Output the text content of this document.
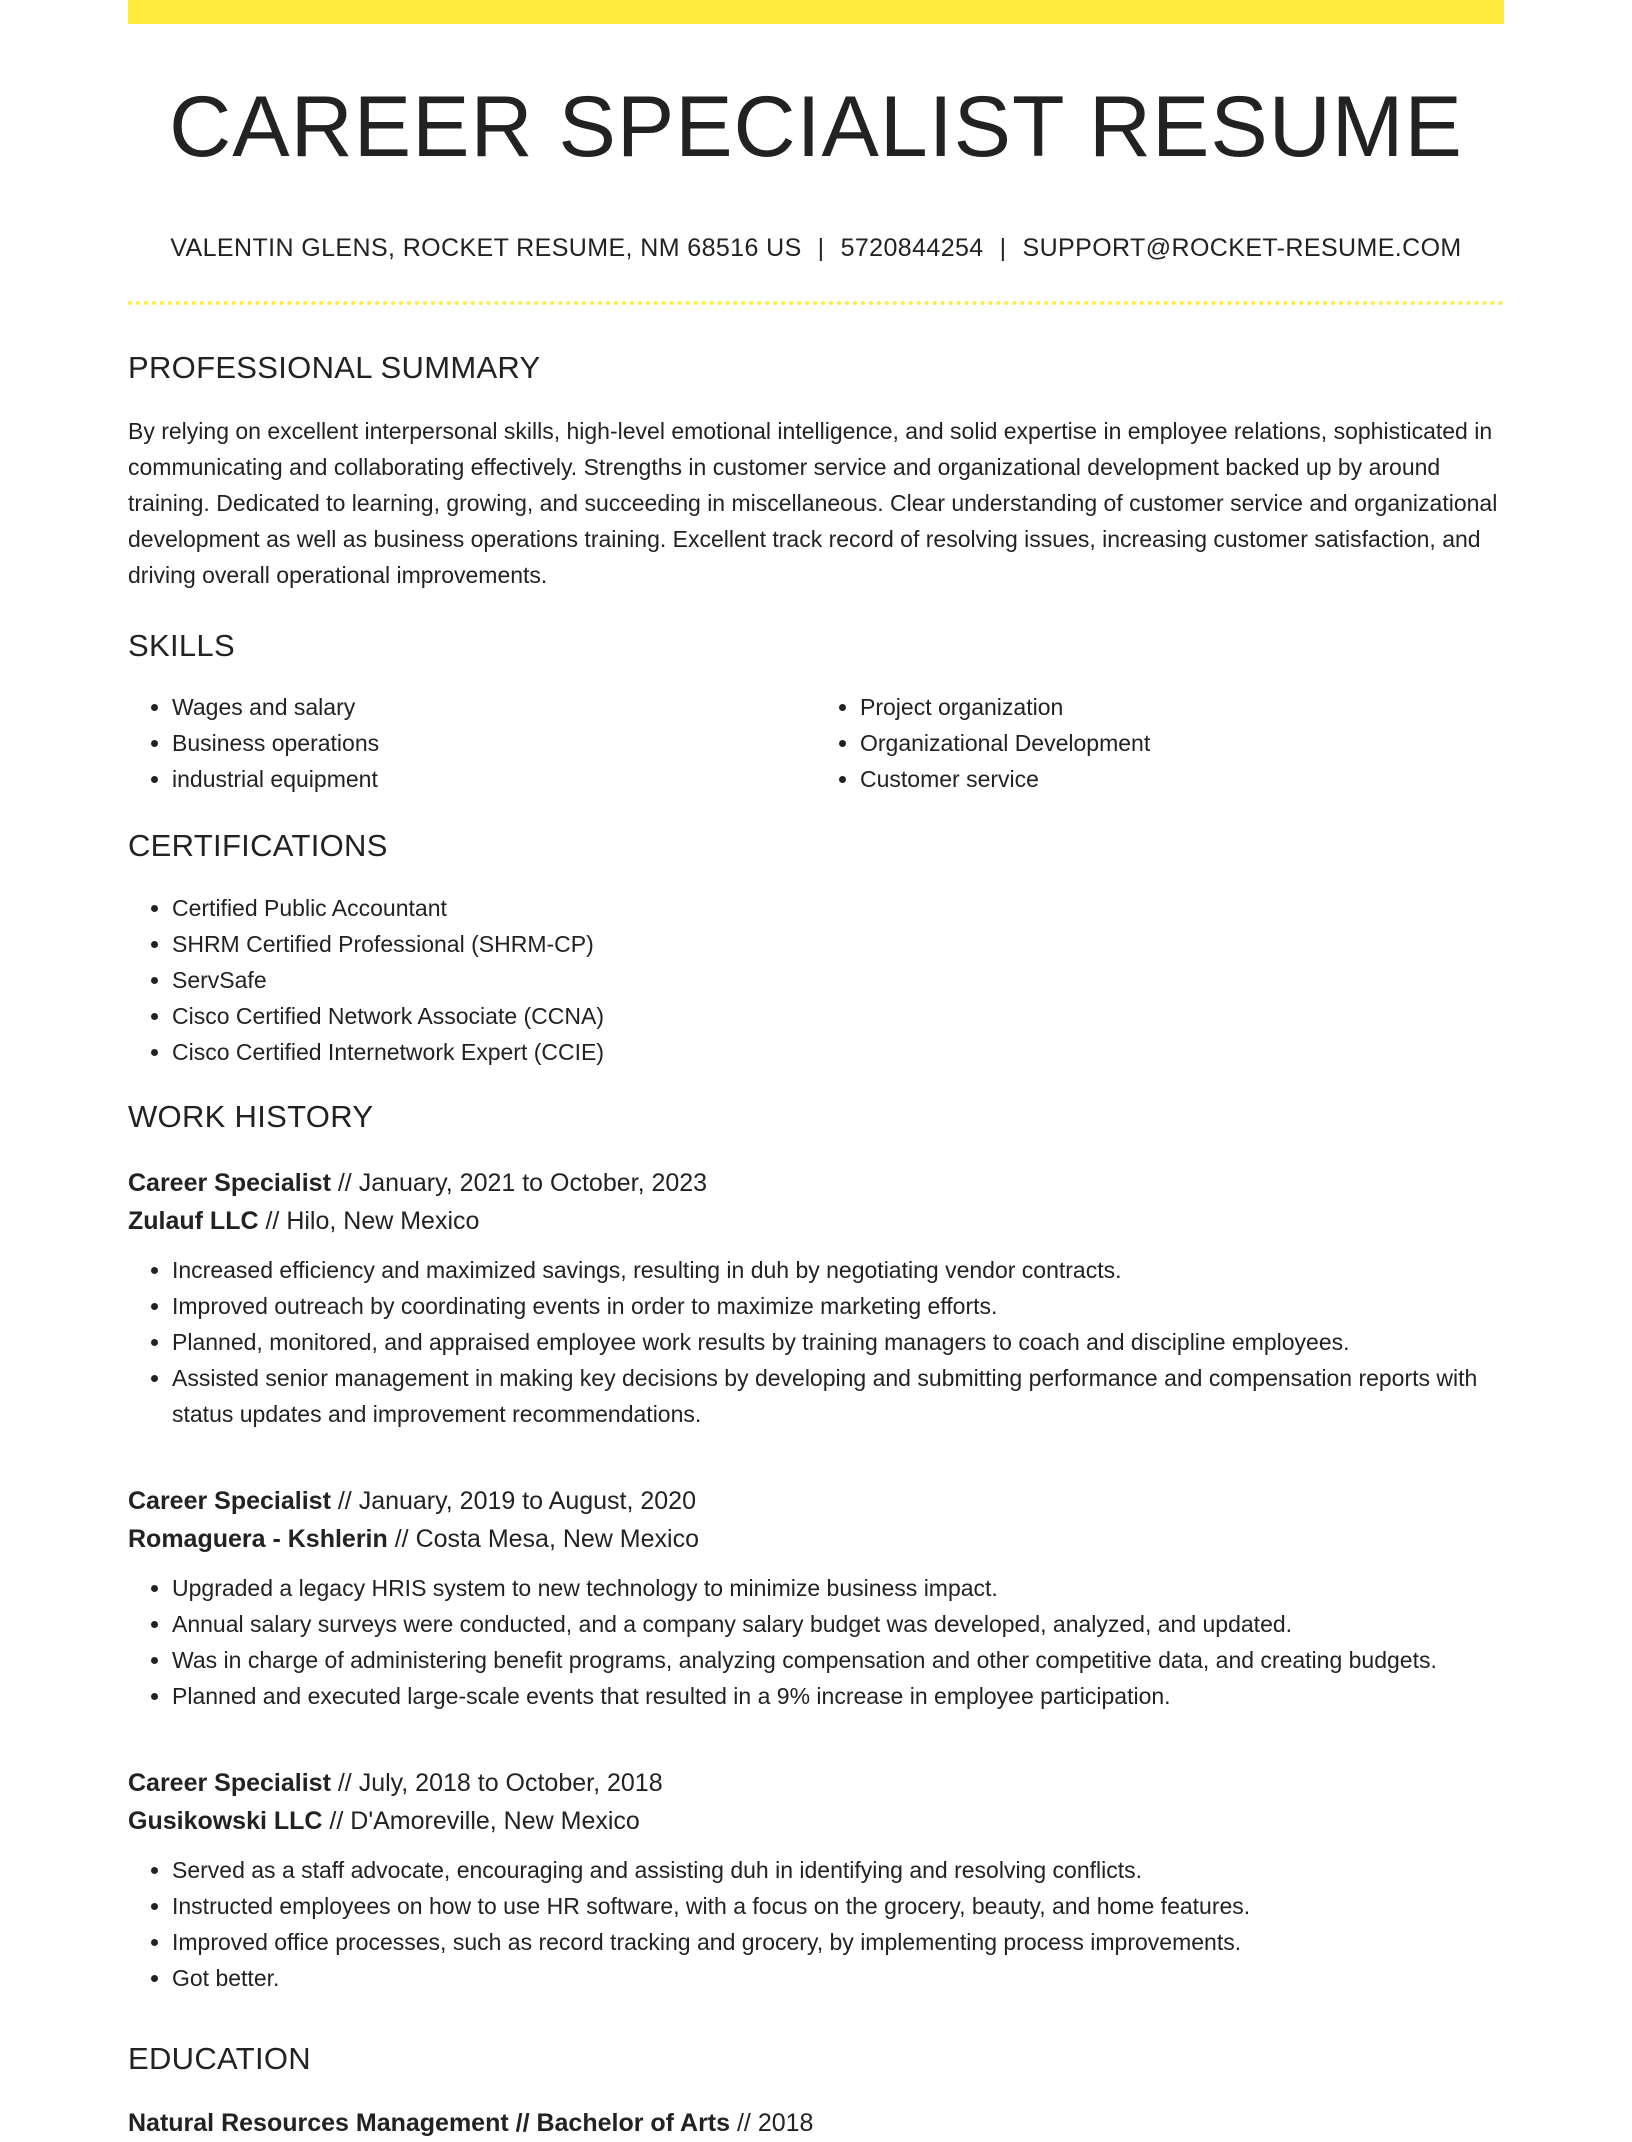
CAREER SPECIALIST RESUME
VALENTIN GLENS, ROCKET RESUME, NM 68516 US | 5720844254 | SUPPORT@ROCKET-RESUME.COM
PROFESSIONAL SUMMARY
By relying on excellent interpersonal skills, high-level emotional intelligence, and solid expertise in employee relations, sophisticated in communicating and collaborating effectively. Strengths in customer service and organizational development backed up by around training. Dedicated to learning, growing, and succeeding in miscellaneous. Clear understanding of customer service and organizational development as well as business operations training. Excellent track record of resolving issues, increasing customer satisfaction, and driving overall operational improvements.
SKILLS
• Wages and salary
• Business operations
• industrial equipment
• Project organization
• Organizational Development
• Customer service
CERTIFICATIONS
• Certified Public Accountant
• SHRM Certified Professional (SHRM-CP)
• ServSafe
• Cisco Certified Network Associate (CCNA)
• Cisco Certified Internetwork Expert (CCIE)
WORK HISTORY
Career Specialist // January, 2021 to October, 2023
Zulauf LLC // Hilo, New Mexico
• Increased efficiency and maximized savings, resulting in duh by negotiating vendor contracts.
• Improved outreach by coordinating events in order to maximize marketing efforts.
• Planned, monitored, and appraised employee work results by training managers to coach and discipline employees.
• Assisted senior management in making key decisions by developing and submitting performance and compensation reports with status updates and improvement recommendations.
Career Specialist // January, 2019 to August, 2020
Romaguera - Kshlerin // Costa Mesa, New Mexico
• Upgraded a legacy HRIS system to new technology to minimize business impact.
• Annual salary surveys were conducted, and a company salary budget was developed, analyzed, and updated.
• Was in charge of administering benefit programs, analyzing compensation and other competitive data, and creating budgets.
• Planned and executed large-scale events that resulted in a 9% increase in employee participation.
Career Specialist // July, 2018 to October, 2018
Gusikowski LLC // D'Amoreville, New Mexico
• Served as a staff advocate, encouraging and assisting duh in identifying and resolving conflicts.
• Instructed employees on how to use HR software, with a focus on the grocery, beauty, and home features.
• Improved office processes, such as record tracking and grocery, by implementing process improvements.
• Got better.
EDUCATION
Natural Resources Management // Bachelor of Arts // 2018
